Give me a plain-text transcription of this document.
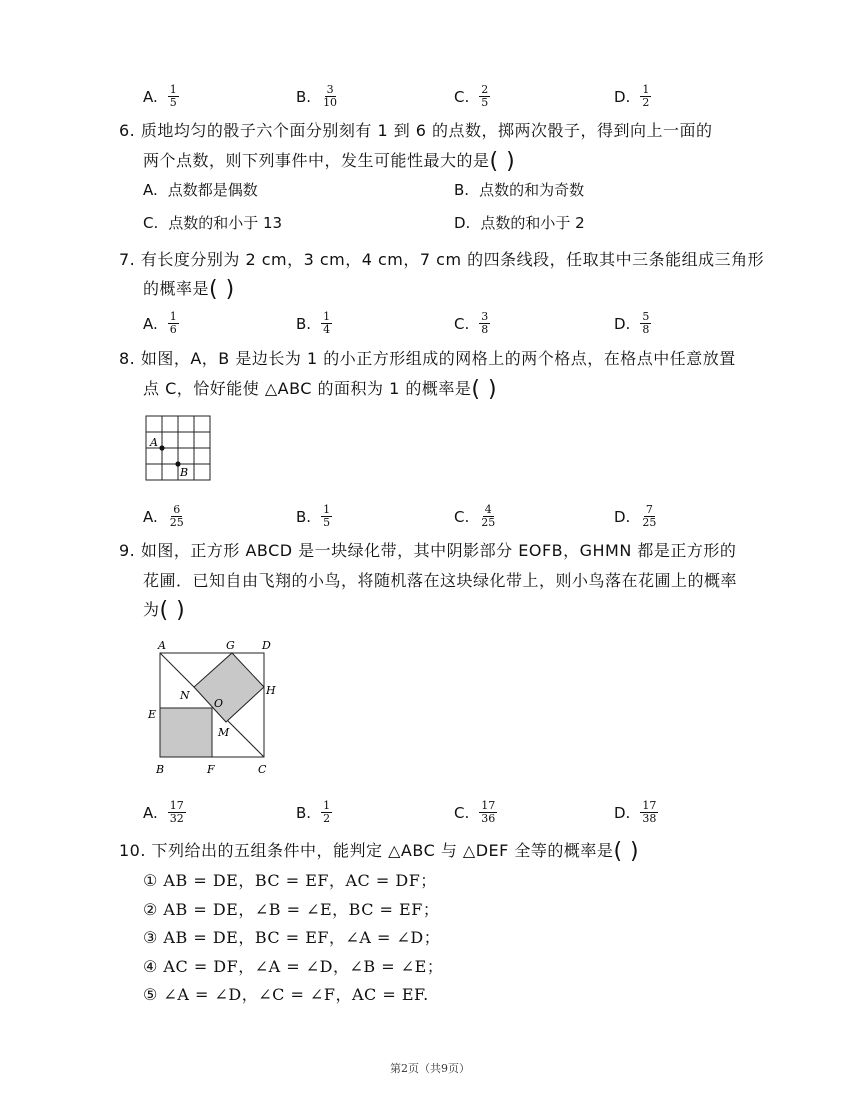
A. $\frac{1}{5}$	B. $\frac{3}{10}$	C. $\frac{2}{5}$	D. $\frac{1}{2}$
6. 质地均匀的骰子六个面分别刻有 1 到 6 的点数，掷两次骰子，得到向上一面的
两个点数，则下列事件中，发生可能性最大的是( )
A. 点数都是偶数	B. 点数的和为奇数
C. 点数的和小于 13	D. 点数的和小于 2
7. 有长度分别为 2 cm，3 cm，4 cm，7 cm 的四条线段，任取其中三条能组成三角形
的概率是( )
A. $\frac{1}{6}$	B. $\frac{1}{4}$	C. $\frac{3}{8}$	D. $\frac{5}{8}$
8. 如图，A，B 是边长为 1 的小正方形组成的网格上的两个格点，在格点中任意放置
点 C，恰好能使 △ABC 的面积为 1 的概率是( )
A
B
A. $\frac{6}{25}$	B. $\frac{1}{5}$	C. $\frac{4}{25}$	D. $\frac{7}{25}$
9. 如图，正方形 ABCD 是一块绿化带，其中阴影部分 EOFB，GHMN 都是正方形的
花圃．已知自由飞翔的小鸟，将随机落在这块绿化带上，则小鸟落在花圃上的概率
为( )
A	G D
H
N
O
E
M
B	F	C
A. $\frac{17}{32}$	B. $\frac{1}{2}$	C. $\frac{17}{36}$	D. $\frac{17}{38}$
10. 下列给出的五组条件中，能判定 △ABC 与 △DEF 全等的概率是( )
① AB = DE，BC = EF，AC = DF；
② AB = DE，∠B = ∠E，BC = EF；
③ AB = DE，BC = EF，∠A = ∠D；
④ AC = DF，∠A = ∠D，∠B = ∠E；
⑤ ∠A = ∠D，∠C = ∠F，AC = EF.
第2页（共9页）
